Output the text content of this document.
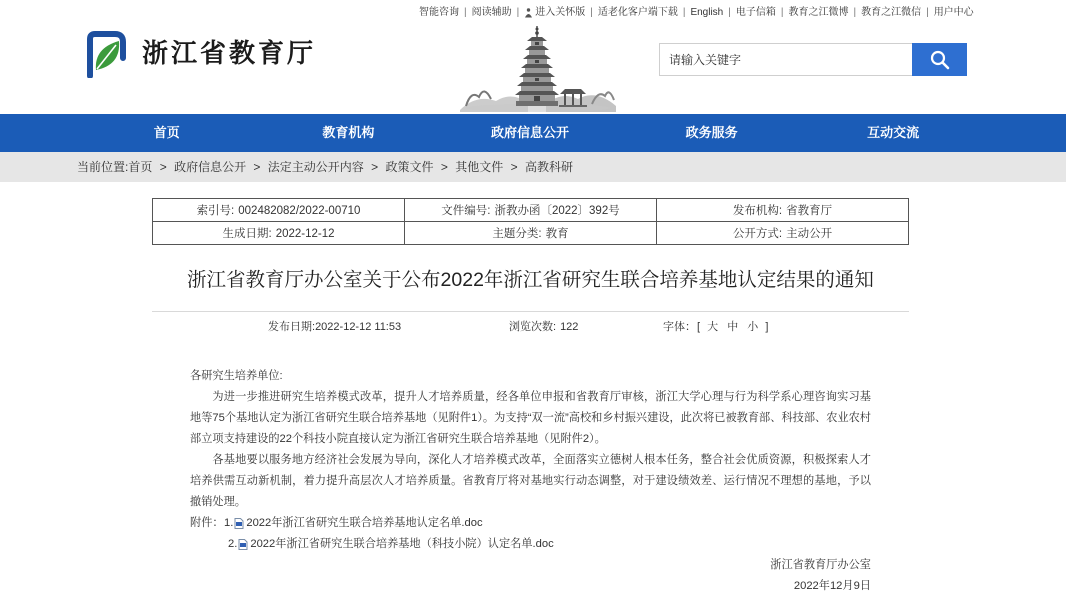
智能咨询 | 阅读辅助 | 进入关怀版 | 适老化客户端下载 | English | 电子信箱 | 教育之江微博 | 教育之江微信 | 用户中心
浙江省教育厅
请输入关键字
首页	教育机构	政府信息公开	政务服务	互动交流
当前位置:首页 > 政府信息公开 > 法定主动公开内容 > 政策文件 > 其他文件 > 高教科研
索引号: 002482082/2022-00710	文件编号: 浙教办函〔2022〕392号	发布机构: 省教育厅
生成日期: 2022-12-12	主题分类: 教育	公开方式: 主动公开
浙江省教育厅办公室关于公布2022年浙江省研究生联合培养基地认定结果的通知
发布日期:2022-12-12 11:53	浏览次数: 122	字体：[ 大 中 小 ]
各研究生培养单位:

为进一步推进研究生培养模式改革，提升人才培养质量，经各单位申报和省教育厅审核，浙江大学心理与行为科学系心理咨询实习基地等75个基地认定为浙江省研究生联合培养基地（见附件1）。为支持“双一流”高校和乡村振兴建设，此次将已被教育部、科技部、农业农村部立项支持建设的22个科技小院直接认定为浙江省研究生联合培养基地（见附件2）。

各基地要以服务地方经济社会发展为导向，深化人才培养模式改革，全面落实立德树人根本任务，整合社会优质资源，积极探索人才培养供需互动新机制，着力提升高层次人才培养质量。省教育厅将对基地实行动态调整，对于建设绩效差、运行情况不理想的基地，予以撤销处理。

附件： 1. 2022年浙江省研究生联合培养基地认定名单.doc
2. 2022年浙江省研究生联合培养基地（科技小院）认定名单.doc
浙江省教育厅办公室
2022年12月9日
